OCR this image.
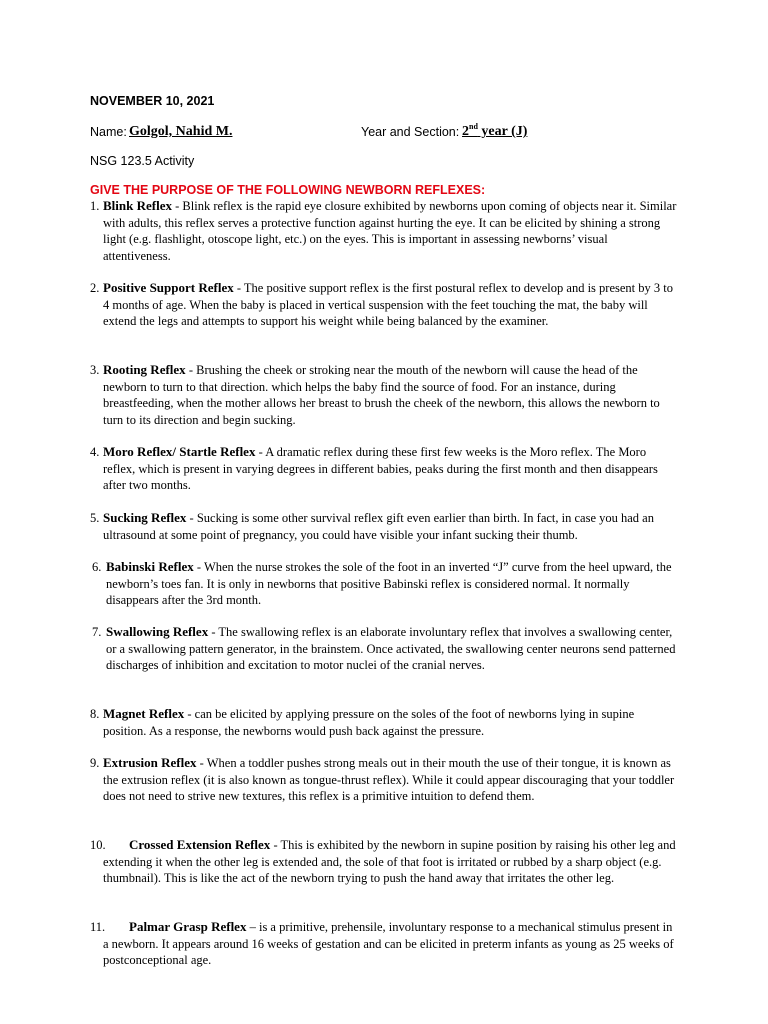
NOVEMBER 10, 2021
Name: Golgol, Nahid M.	Year and Section: 2nd year (J)
NSG 123.5 Activity
GIVE THE PURPOSE OF THE FOLLOWING NEWBORN REFLEXES:
1. Blink Reflex - Blink reflex is the rapid eye closure exhibited by newborns upon coming of objects near it. Similar with adults, this reflex serves a protective function against hurting the eye. It can be elicited by shining a strong light (e.g. flashlight, otoscope light, etc.) on the eyes. This is important in assessing newborns’ visual attentiveness.
2. Positive Support Reflex - The positive support reflex is the first postural reflex to develop and is present by 3 to 4 months of age. When the baby is placed in vertical suspension with the feet touching the mat, the baby will extend the legs and attempts to support his weight while being balanced by the examiner.
3. Rooting Reflex - Brushing the cheek or stroking near the mouth of the newborn will cause the head of the newborn to turn to that direction. which helps the baby find the source of food. For an instance, during breastfeeding, when the mother allows her breast to brush the cheek of the newborn, this allows the newborn to turn to its direction and begin sucking.
4. Moro Reflex/ Startle Reflex - A dramatic reflex during these first few weeks is the Moro reflex. The Moro reflex, which is present in varying degrees in different babies, peaks during the first month and then disappears after two months.
5. Sucking Reflex - Sucking is some other survival reflex gift even earlier than birth. In fact, in case you had an ultrasound at some point of pregnancy, you could have visible your infant sucking their thumb.
6. Babinski Reflex - When the nurse strokes the sole of the foot in an inverted “J” curve from the heel upward, the newborn’s toes fan. It is only in newborns that positive Babinski reflex is considered normal. It normally disappears after the 3rd month.
7. Swallowing Reflex - The swallowing reflex is an elaborate involuntary reflex that involves a swallowing center, or a swallowing pattern generator, in the brainstem. Once activated, the swallowing center neurons send patterned discharges of inhibition and excitation to motor nuclei of the cranial nerves.
8. Magnet Reflex - can be elicited by applying pressure on the soles of the foot of newborns lying in supine position. As a response, the newborns would push back against the pressure.
9. Extrusion Reflex - When a toddler pushes strong meals out in their mouth the use of their tongue, it is known as the extrusion reflex (it is also known as tongue-thrust reflex). While it could appear discouraging that your toddler does not need to strive new textures, this reflex is a primitive intuition to defend them.
10.	Crossed Extension Reflex - This is exhibited by the newborn in supine position by raising his other leg and extending it when the other leg is extended and, the sole of that foot is irritated or rubbed by a sharp object (e.g. thumbnail). This is like the act of the newborn trying to push the hand away that irritates the other leg.
11.	Palmar Grasp Reflex – is a primitive, prehensile, involuntary response to a mechanical stimulus present in a newborn. It appears around 16 weeks of gestation and can be elicited in preterm infants as young as 25 weeks of postconceptional age.
